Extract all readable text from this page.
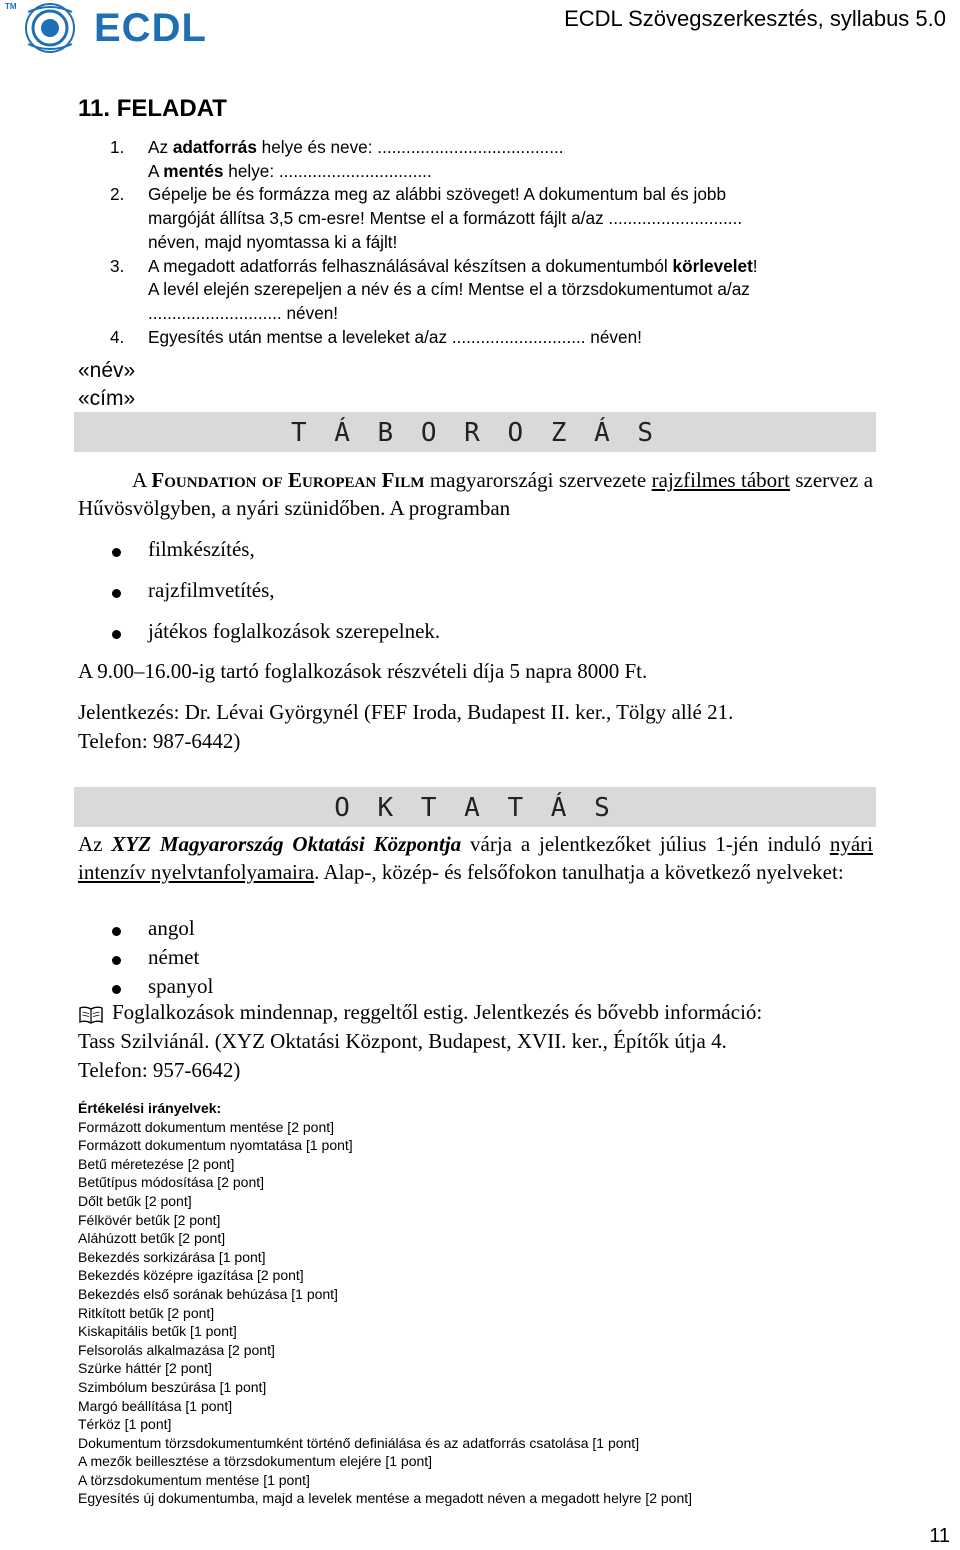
TM ECDL	ECDL Szövegszerkesztés, syllabus 5.0
11. FELADAT
1. Az adatforrás helye és neve: .......................................
A mentés helye: ................................
2. Gépelje be és formázza meg az alábbi szöveget! A dokumentum bal és jobb
margóját állítsa 3,5 cm-esre! Mentse el a formázott fájlt a/az ............................
néven, majd nyomtassa ki a fájlt!
3. A megadott adatforrás felhasználásával készítsen a dokumentumból körlevelet!
A levél elején szerepeljen a név és a cím! Mentse el a törzsdokumentumot a/az
............................ néven!
4. Egyesítés után mentse a leveleket a/az ............................ néven!
«név»
«cím»
T Á B O R O Z Á S
A Foundation of European Film magyarországi szervezete rajzfilmes tábort szervez a Hűvösvölgyben, a nyári szünidőben. A programban
filmkészítés,
rajzfilmvetítés,
játékos foglalkozások szerepelnek.
A 9.00–16.00-ig tartó foglalkozások részvételi díja 5 napra 8000 Ft.
Jelentkezés: Dr. Lévai Györgynél (FEF Iroda, Budapest II. ker., Tölgy allé 21.
Telefon: 987-6442)
O K T A T Á S
Az XYZ Magyarország Oktatási Központja várja a jelentkezőket július 1-jén induló nyári intenzív nyelvtanfolyamaira. Alap-, közép- és felsőfokon tanulhatja a következő nyelveket:
angol
német
spanyol
Foglalkozások mindennap, reggeltől estig. Jelentkezés és bővebb információ:
Tass Szilviánál. (XYZ Oktatási Központ, Budapest, XVII. ker., Építők útja 4.
Telefon: 957-6642)
Értékelési irányelvek:
Formázott dokumentum mentése [2 pont]
Formázott dokumentum nyomtatása [1 pont]
Betű méretezése [2 pont]
Betűtípus módosítása [2 pont]
Dőlt betűk [2 pont]
Félkövér betűk [2 pont]
Aláhúzott betűk [2 pont]
Bekezdés sorkizárása [1 pont]
Bekezdés középre igazítása [2 pont]
Bekezdés első sorának behúzása [1 pont]
Ritkított betűk [2 pont]
Kiskapitális betűk [1 pont]
Felsorolás alkalmazása [2 pont]
Szürke háttér [2 pont]
Szimbólum beszúrása [1 pont]
Margó beállítása [1 pont]
Térköz [1 pont]
Dokumentum törzsdokumentumként történő definiálása és az adatforrás csatolása [1 pont]
A mezők beillesztése a törzsdokumentum elejére [1 pont]
A törzsdokumentum mentése [1 pont]
Egyesítés új dokumentumba, majd a levelek mentése a megadott néven a megadott helyre [2 pont]
11
